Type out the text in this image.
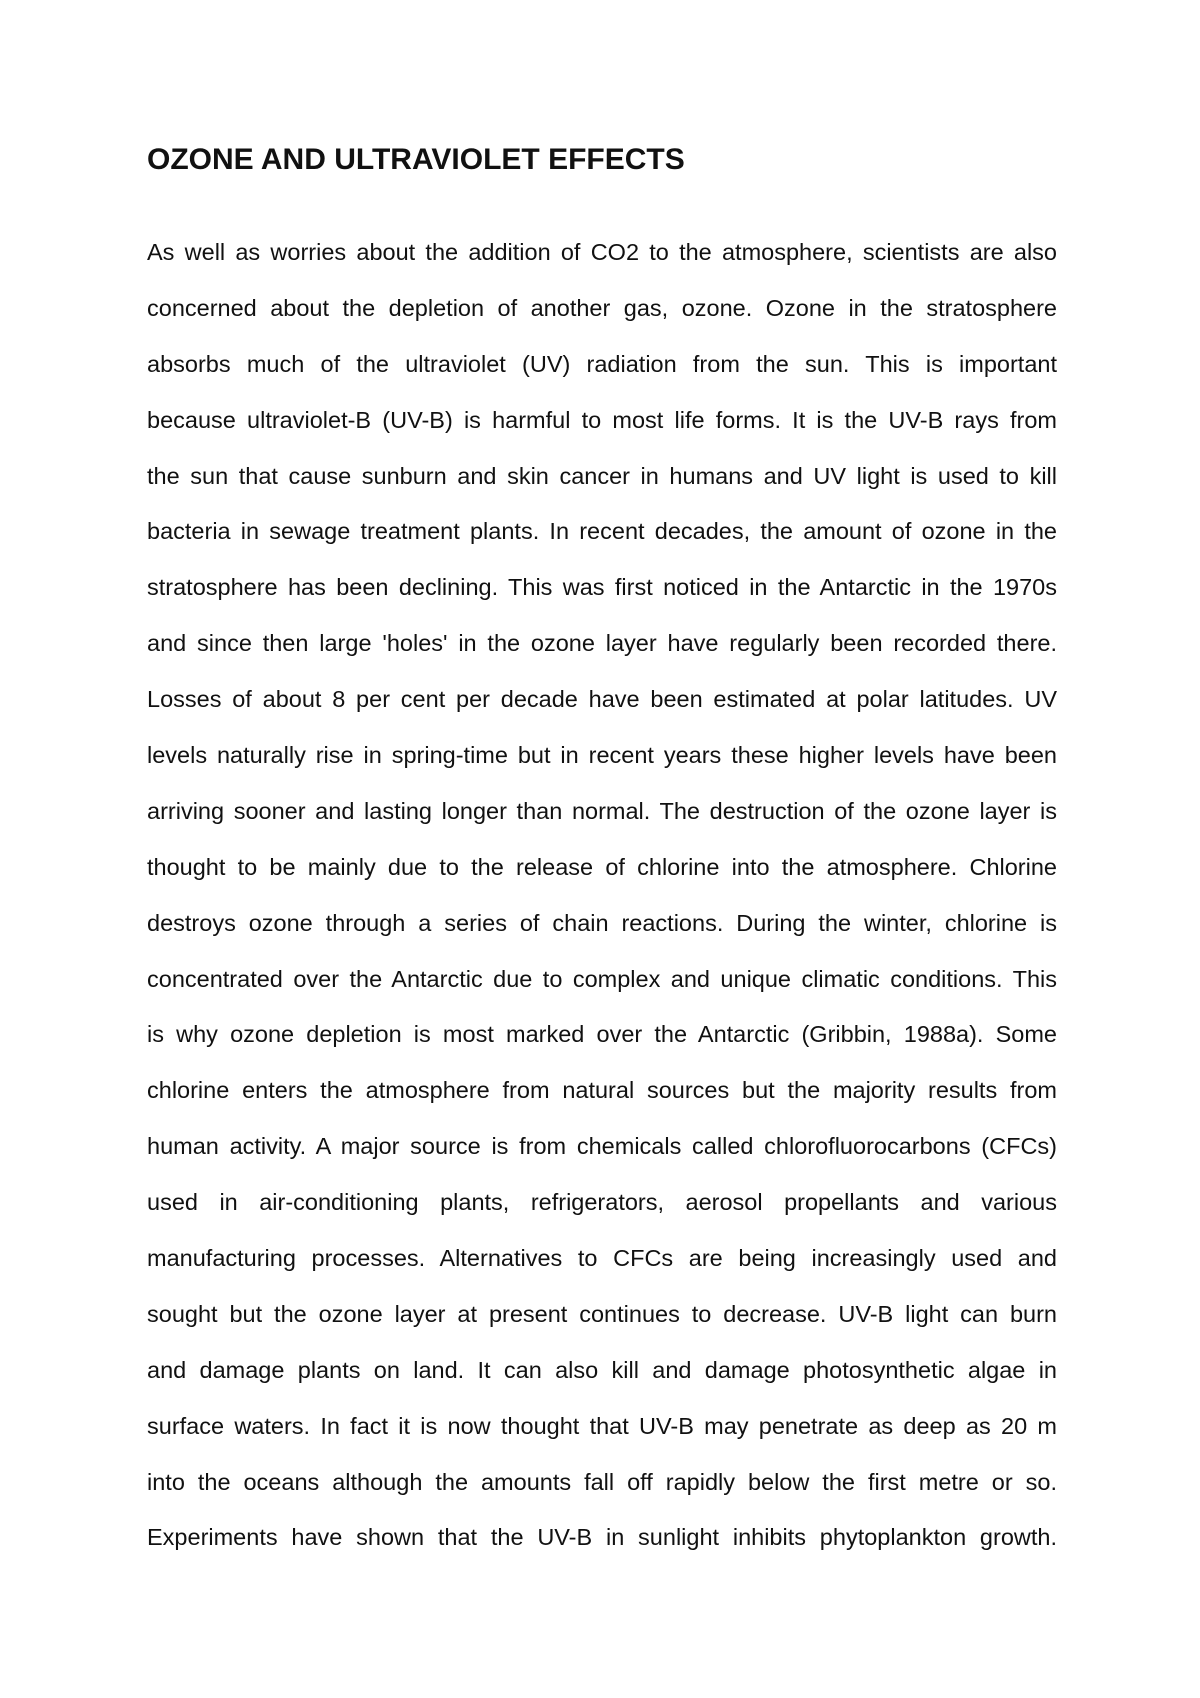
OZONE AND ULTRAVIOLET EFFECTS
As well as worries about the addition of CO2 to the atmosphere, scientists are also
concerned about the depletion of another gas, ozone. Ozone in the stratosphere
absorbs much of the ultraviolet (UV) radiation from the sun. This is important
because ultraviolet-B (UV-B) is harmful to most life forms. It is the UV-B rays from
the sun that cause sunburn and skin cancer in humans and UV light is used to kill
bacteria in sewage treatment plants. In recent decades, the amount of ozone in the
stratosphere has been declining. This was first noticed in the Antarctic in the 1970s
and since then large 'holes' in the ozone layer have regularly been recorded there.
Losses of about 8 per cent per decade have been estimated at polar latitudes. UV
levels naturally rise in spring-time but in recent years these higher levels have been
arriving sooner and lasting longer than normal. The destruction of the ozone layer is
thought to be mainly due to the release of chlorine into the atmosphere. Chlorine
destroys ozone through a series of chain reactions. During the winter, chlorine is
concentrated over the Antarctic due to complex and unique climatic conditions. This
is why ozone depletion is most marked over the Antarctic (Gribbin, 1988a). Some
chlorine enters the atmosphere from natural sources but the majority results from
human activity. A major source is from chemicals called chlorofluorocarbons (CFCs)
used in air-conditioning plants, refrigerators, aerosol propellants and various
manufacturing processes. Alternatives to CFCs are being increasingly used and
sought but the ozone layer at present continues to decrease. UV-B light can burn
and damage plants on land. It can also kill and damage photosynthetic algae in
surface waters. In fact it is now thought that UV-B may penetrate as deep as 20 m
into the oceans although the amounts fall off rapidly below the first metre or so.
Experiments have shown that the UV-B in sunlight inhibits phytoplankton growth.
